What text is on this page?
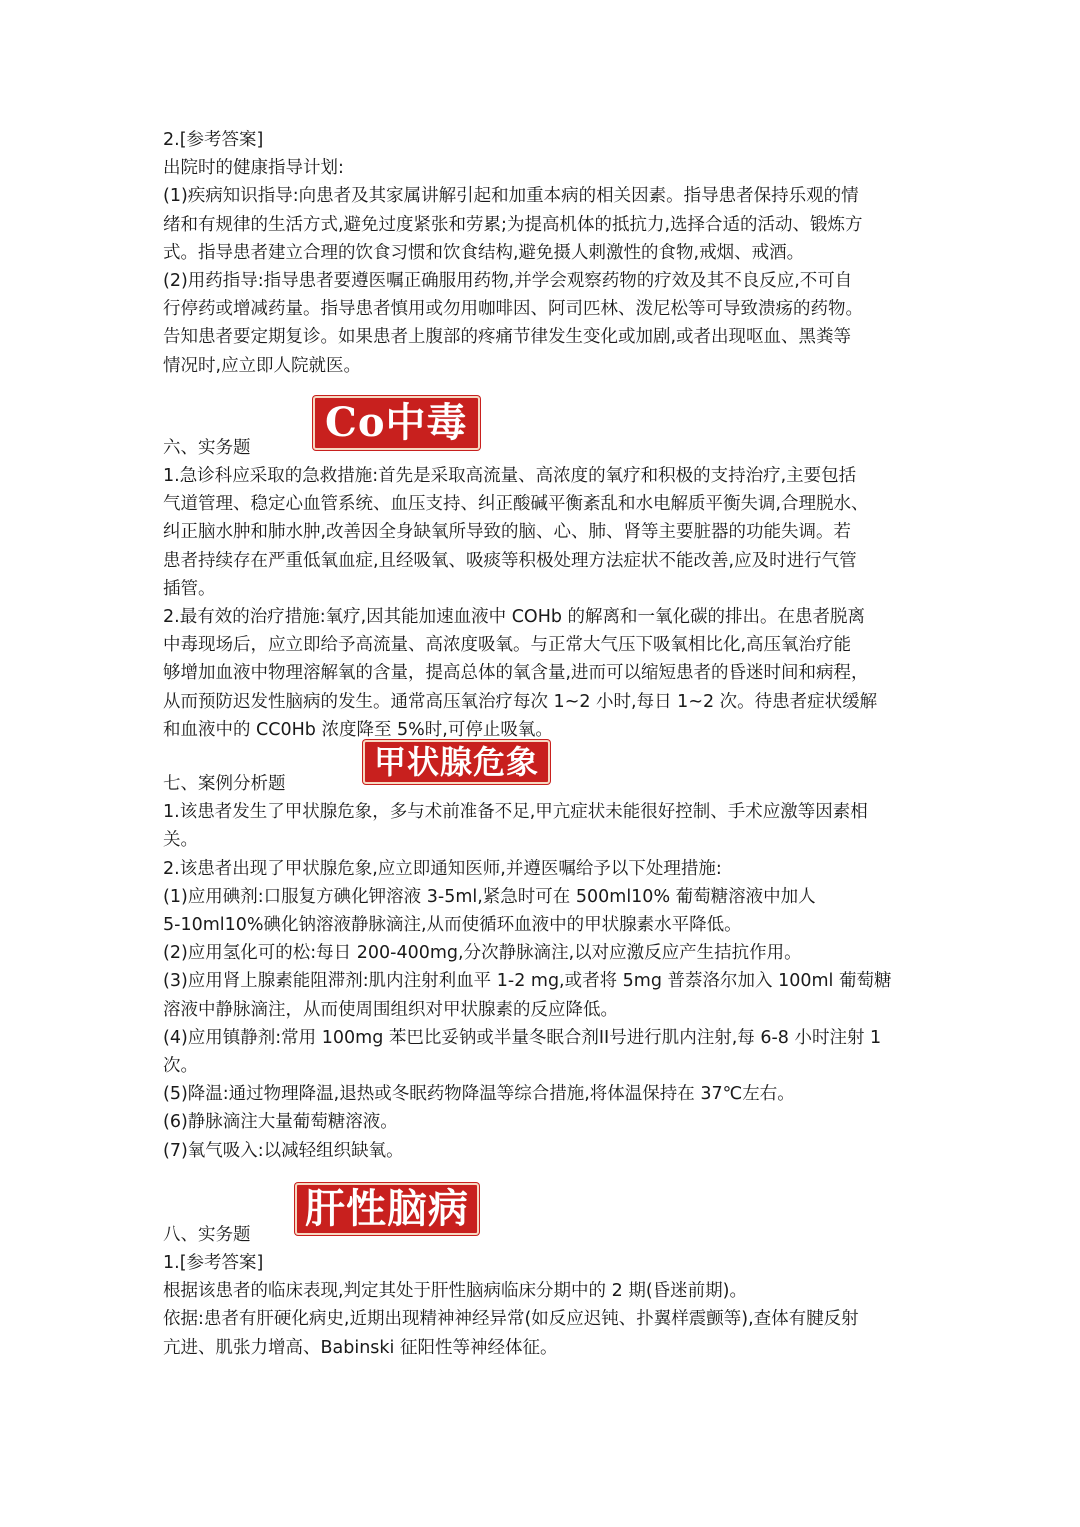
2.[参考答案]

出院时的健康指导计划:

(1)疾病知识指导:向患者及其家属讲解引起和加重本病的相关因素。指导患者保持乐观的情

绪和有规律的生活方式,避免过度紧张和劳累;为提高机体的抵抗力,选择合适的活动、锻炼方

式。指导患者建立合理的饮食习惯和饮食结构,避免摄人刺激性的食物,戒烟、戒酒。

(2)用药指导:指导患者要遵医嘱正确服用药物,并学会观察药物的疗效及其不良反应,不可自

行停药或增减药量。指导患者慎用或勿用咖啡因、阿司匹林、泼尼松等可导致溃疡的药物。

告知患者要定期复诊。如果患者上腹部的疼痛节律发生变化或加剧,或者出现呕血、黑粪等

情况时,应立即人院就医。

六、实务题
Co中毒

1.急诊科应采取的急救措施:首先是采取高流量、高浓度的氧疗和积极的支持治疗,主要包括

气道管理、稳定心血管系统、血压支持、纠正酸碱平衡紊乱和水电解质平衡失调,合理脱水、

纠正脑水肿和肺水肿,改善因全身缺氧所导致的脑、心、肺、肾等主要脏器的功能失调。若

患者持续存在严重低氧血症,且经吸氧、吸痰等积极处理方法症状不能改善,应及时进行气管

插管。

2.最有效的治疗措施:氧疗,因其能加速血液中 COHb 的解离和一氧化碳的排出。在患者脱离

中毒现场后，应立即给予高流量、高浓度吸氧。与正常大气压下吸氧相比化,高压氧治疗能

够增加血液中物理溶解氧的含量，提高总体的氧含量,进而可以缩短患者的昏迷时间和病程，

从而预防迟发性脑病的发生。通常高压氧治疗每次 1~2 小时,每日 1~2 次。待患者症状缓解

和血液中的 CC0Hb 浓度降至 5%时,可停止吸氧。

七、案例分析题
甲状腺危象

1.该患者发生了甲状腺危象，多与术前准备不足,甲亢症状未能很好控制、手术应激等因素相

关。

2.该患者出现了甲状腺危象,应立即通知医师,并遵医嘱给予以下处理措施:

(1)应用碘剂:口服复方碘化钾溶液 3-5ml,紧急时可在 500ml10% 葡萄糖溶液中加人

5-10ml10%碘化钠溶液静脉滴注,从而使循环血液中的甲状腺素水平降低。

(2)应用氢化可的松:每日 200-400mg,分次静脉滴注,以对应激反应产生拮抗作用。

(3)应用肾上腺素能阻滞剂:肌内注射利血平 1-2 mg,或者将 5mg 普萘洛尔加入 100ml 葡萄糖

溶液中静脉滴注，从而使周围组织对甲状腺素的反应降低。

(4)应用镇静剂:常用 100mg 苯巴比妥钠或半量冬眠合剂II号进行肌内注射,每 6-8 小时注射 1

次。

(5)降温:通过物理降温,退热或冬眠药物降温等综合措施,将体温保持在 37℃左右。

(6)静脉滴注大量葡萄糖溶液。

(7)氧气吸入:以减轻组织缺氧。

八、实务题
肝性脑病

1.[参考答案]

根据该患者的临床表现,判定其处于肝性脑病临床分期中的 2 期(昏迷前期)。

依据:患者有肝硬化病史,近期出现精神神经异常(如反应迟钝、扑翼样震颤等),查体有腱反射

亢进、肌张力增高、Babinski 征阳性等神经体征。
